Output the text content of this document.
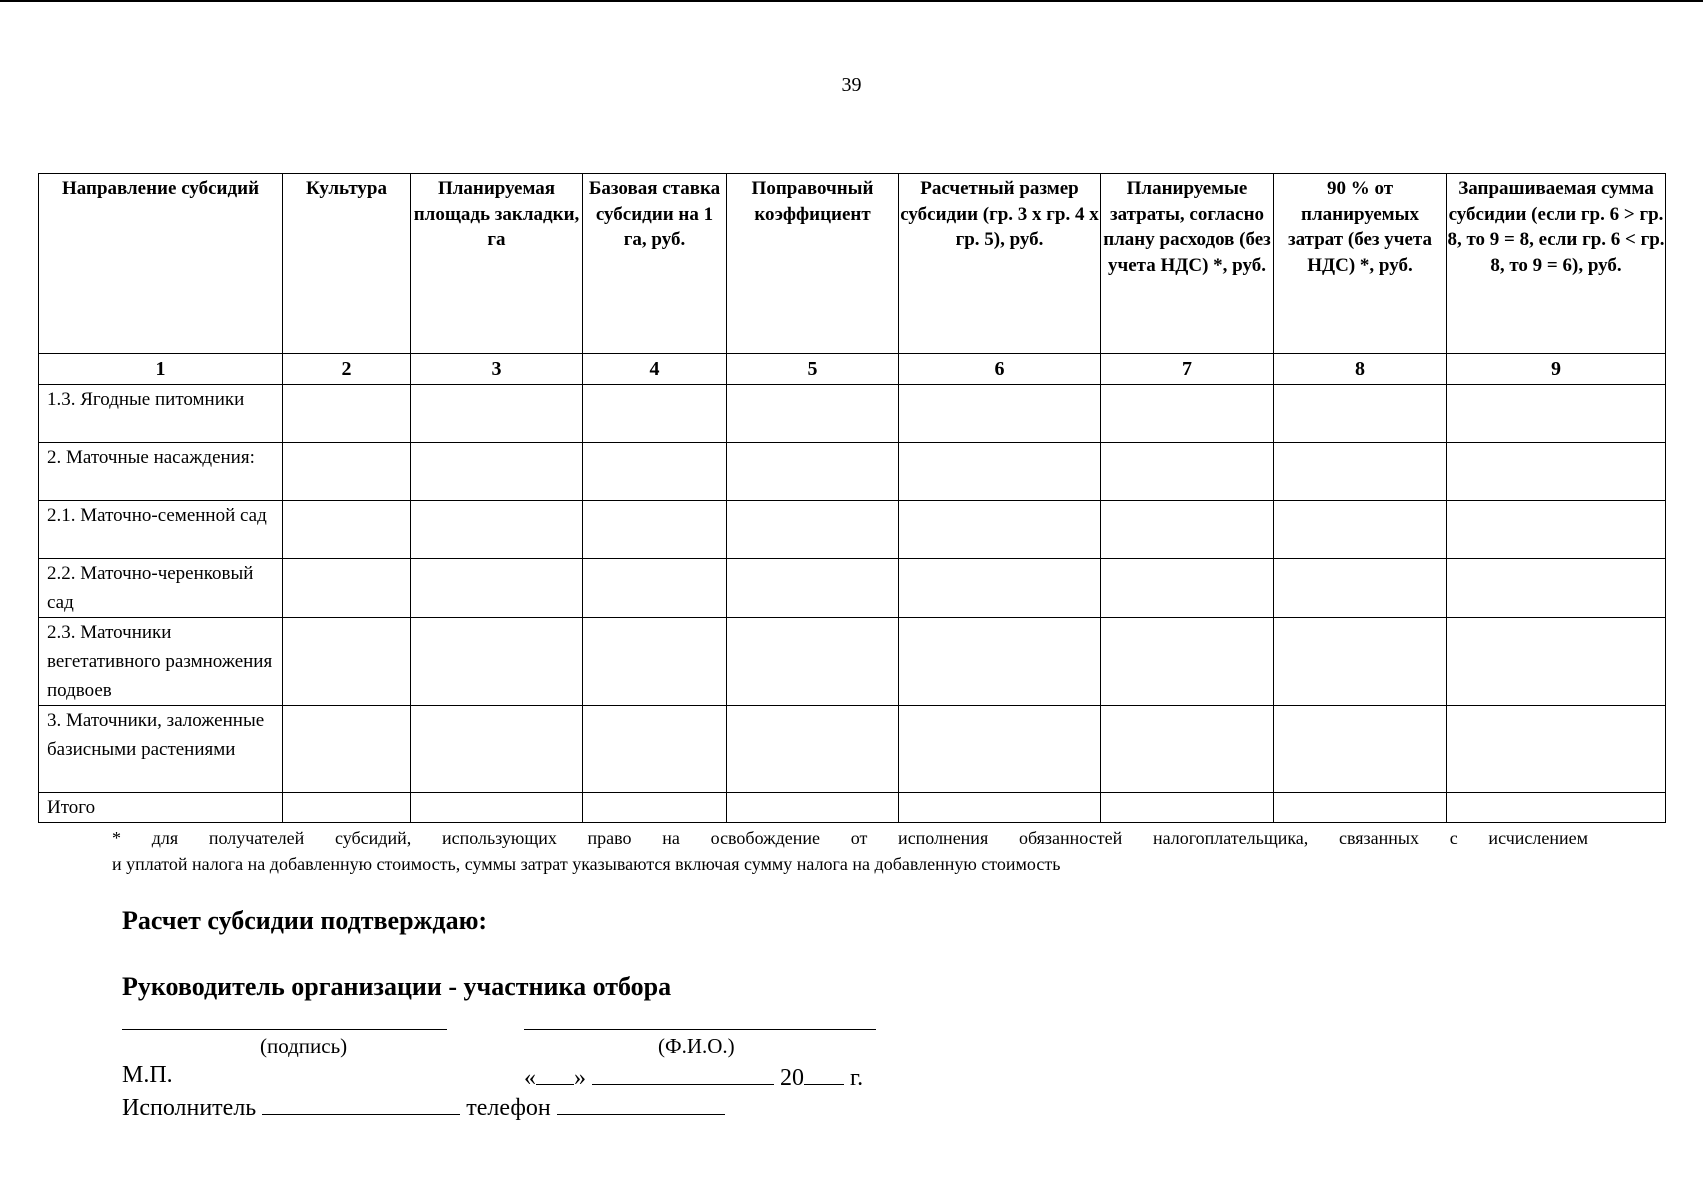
39
Направление субсидий	Культура	Планируемая площадь закладки, га	Базовая ставка субсидии на 1 га, руб.	Поправочный коэффициент	Расчетный размер субсидии (гр. 3 х гр. 4 х гр. 5), руб.	Планируемые затраты, согласно плану расходов (без учета НДС) *, руб.	90 % от планируемых затрат (без учета НДС) *, руб.	Запрашиваемая сумма субсидии (если гр. 6 > гр. 8, то 9 = 8, если гр. 6 < гр. 8, то 9 = 6), руб.
1	2	3	4	5	6	7	8	9
1.3. Ягодные питомники								
2. Маточные насаждения:								
2.1. Маточно-семенной сад								
2.2. Маточно-черенковый сад								
2.3. Маточники вегетативного размножения подвоев								
3. Маточники, заложенные базисными растениями								
Итого								
* для получателей субсидий, использующих право на освобождение от исполнения обязанностей налогоплательщика, связанных с исчислением
и уплатой налога на добавленную стоимость, суммы затрат указываются включая сумму налога на добавленную стоимость
Расчет субсидии подтверждаю:
Руководитель организации - участника отбора
(подпись)	(Ф.И.О.)
М.П.	« »	20 г.
Исполнитель	телефон
